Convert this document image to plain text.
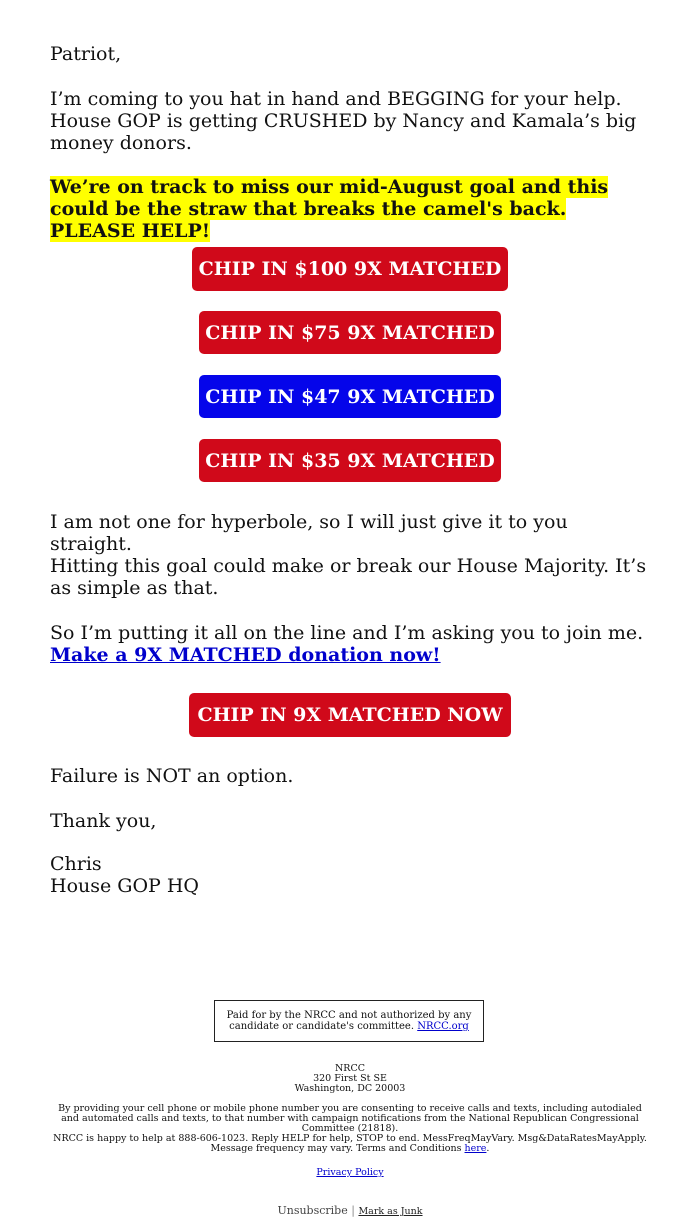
Patriot,

I’m coming to you hat in hand and BEGGING for your help. House GOP is getting CRUSHED by Nancy and Kamala’s big money donors.

We’re on track to miss our mid-August goal and this could be the straw that breaks the camel's back. PLEASE HELP!

CHIP IN $100 9X MATCHED
CHIP IN $75 9X MATCHED
CHIP IN $47 9X MATCHED
CHIP IN $35 9X MATCHED

I am not one for hyperbole, so I will just give it to you straight.

Hitting this goal could make or break our House Majority. It’s as simple as that.

So I’m putting it all on the line and I’m asking you to join me.
Make a 9X MATCHED donation now!

CHIP IN 9X MATCHED NOW

Failure is NOT an option.

Thank you,

Chris
House GOP HQ

Paid for by the NRCC and not authorized by any candidate or candidate's committee. NRCC.org

NRCC
320 First St SE
Washington, DC 20003

By providing your cell phone or mobile phone number you are consenting to receive calls and texts, including autodialed and automated calls and texts, to that number with campaign notifications from the National Republican Congressional Committee (21818).

NRCC is happy to help at 888-606-1023. Reply HELP for help, STOP to end. MessFreqMayVary. Msg&DataRatesMayApply. Message frequency may vary. Terms and Conditions here.

Privacy Policy

Unsubscribe | Mark as Junk
